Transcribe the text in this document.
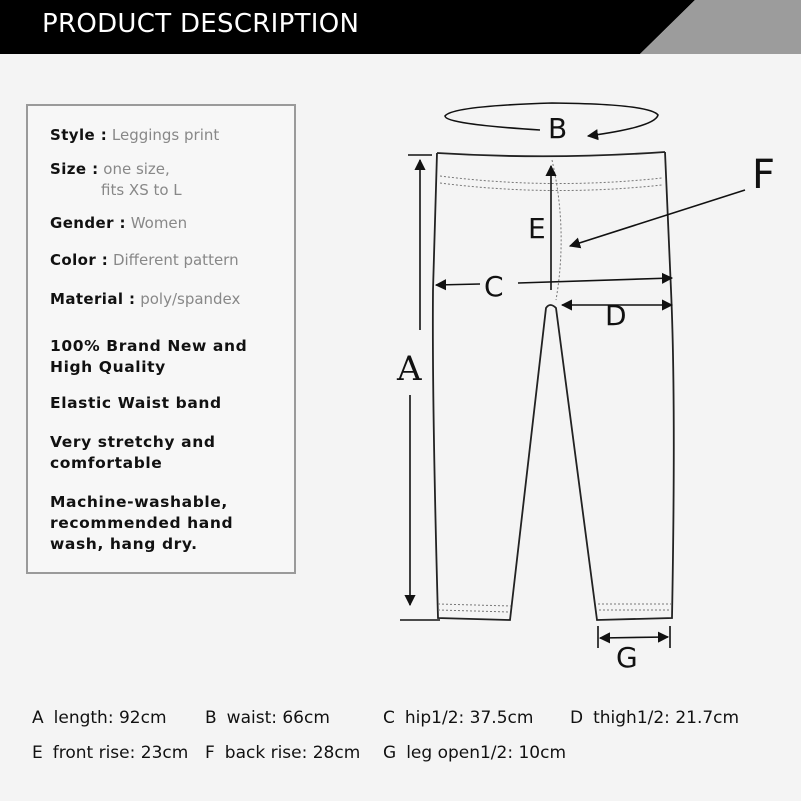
PRODUCT DESCRIPTION
Style : Leggings print
Size : one size,
fits XS to L
Gender : Women
Color : Different pattern
Material : poly/spandex
100% Brand New and High Quality
Elastic Waist band
Very stretchy and comfortable
Machine-washable, recommended hand wash, hang dry.
A
B
C
D
E
F
G
A length: 92cm B waist: 66cm	C hip1/2: 37.5cm D thigh1/2: 21.7cm
E front rise: 23cm F back rise: 28cm G leg open1/2: 10cm
